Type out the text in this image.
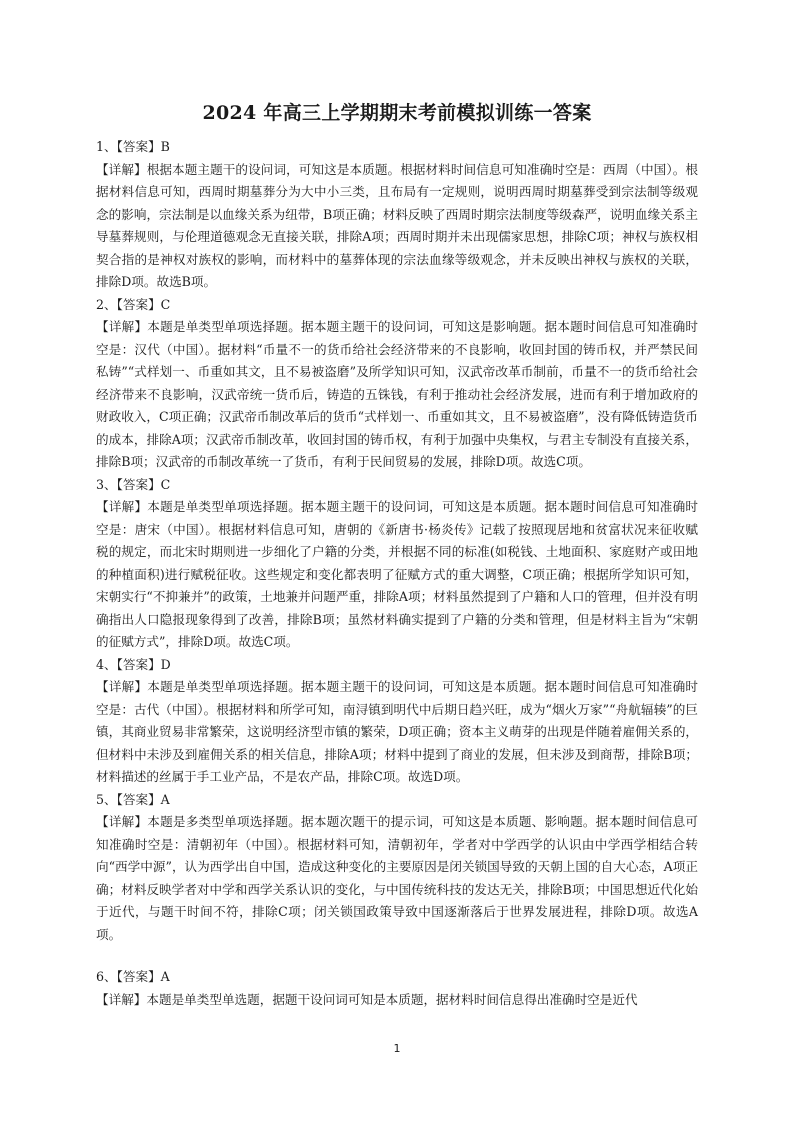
2024 年高三上学期期末考前模拟训练一答案

1、【答案】B

【详解】根据本题主题干的设问词，可知这是本质题。根据材料时间信息可知准确时空是：西周（中国）。根据材料信息可知，西周时期墓葬分为大中小三类，且布局有一定规则，说明西周时期墓葬受到宗法制等级观念的影响，宗法制是以血缘关系为纽带，B项正确；材料反映了西周时期宗法制度等级森严，说明血缘关系主导墓葬规则，与伦理道德观念无直接关联，排除A项；西周时期并未出现儒家思想，排除C项；神权与族权相契合指的是神权对族权的影响，而材料中的墓葬体现的宗法血缘等级观念，并未反映出神权与族权的关联，排除D项。故选B项。

2、【答案】C

【详解】本题是单类型单项选择题。据本题主题干的设问词，可知这是影响题。据本题时间信息可知准确时空是：汉代（中国）。据材料“币量不一的货币给社会经济带来的不良影响，收回封国的铸币权，并严禁民间私铸”“式样划一、币重如其文，且不易被盗磨”及所学知识可知，汉武帝改革币制前，币量不一的货币给社会经济带来不良影响，汉武帝统一货币后，铸造的五铢钱，有利于推动社会经济发展，进而有利于增加政府的财政收入，C项正确；汉武帝币制改革后的货币“式样划一、币重如其文，且不易被盗磨”，没有降低铸造货币的成本，排除A项；汉武帝币制改革，收回封国的铸币权，有利于加强中央集权，与君主专制没有直接关系，排除B项；汉武帝的币制改革统一了货币，有利于民间贸易的发展，排除D项。故选C项。

3、【答案】C

【详解】本题是单类型单项选择题。据本题主题干的设问词，可知这是本质题。据本题时间信息可知准确时空是：唐宋（中国）。根据材料信息可知，唐朝的《新唐书·杨炎传》记载了按照现居地和贫富状况来征收赋税的规定，而北宋时期则进一步细化了户籍的分类，并根据不同的标准(如税钱、土地面积、家庭财产或田地的种植面积)进行赋税征收。这些规定和变化都表明了征赋方式的重大调整，C项正确；根据所学知识可知，宋朝实行“不抑兼并”的政策，土地兼并问题严重，排除A项；材料虽然提到了户籍和人口的管理，但并没有明确指出人口隐报现象得到了改善，排除B项；虽然材料确实提到了户籍的分类和管理，但是材料主旨为“宋朝的征赋方式”，排除D项。故选C项。

4、【答案】D

【详解】本题是单类型单项选择题。据本题主题干的设问词，可知这是本质题。据本题时间信息可知准确时空是：古代（中国）。根据材料和所学可知，南浔镇到明代中后期日趋兴旺，成为“烟火万家”“舟航辐辏”的巨镇，其商业贸易非常繁荣，这说明经济型市镇的繁荣，D项正确；资本主义萌芽的出现是伴随着雇佣关系的，但材料中未涉及到雇佣关系的相关信息，排除A项；材料中提到了商业的发展，但未涉及到商帮，排除B项；材料描述的丝属于手工业产品，不是农产品，排除C项。故选D项。

5、【答案】A

【详解】本题是多类型单项选择题。据本题次题干的提示词，可知这是本质题、影响题。据本题时间信息可知准确时空是：清朝初年（中国）。根据材料可知，清朝初年，学者对中学西学的认识由中学西学相结合转向“西学中源”，认为西学出自中国，造成这种变化的主要原因是闭关锁国导致的天朝上国的自大心态，A项正确；材料反映学者对中学和西学关系认识的变化，与中国传统科技的发达无关，排除B项；中国思想近代化始于近代，与题干时间不符，排除C项；闭关锁国政策导致中国逐渐落后于世界发展进程，排除D项。故选A项。

6、【答案】A

【详解】本题是单类型单选题，据题干设问词可知是本质题，据材料时间信息得出准确时空是近代

1
